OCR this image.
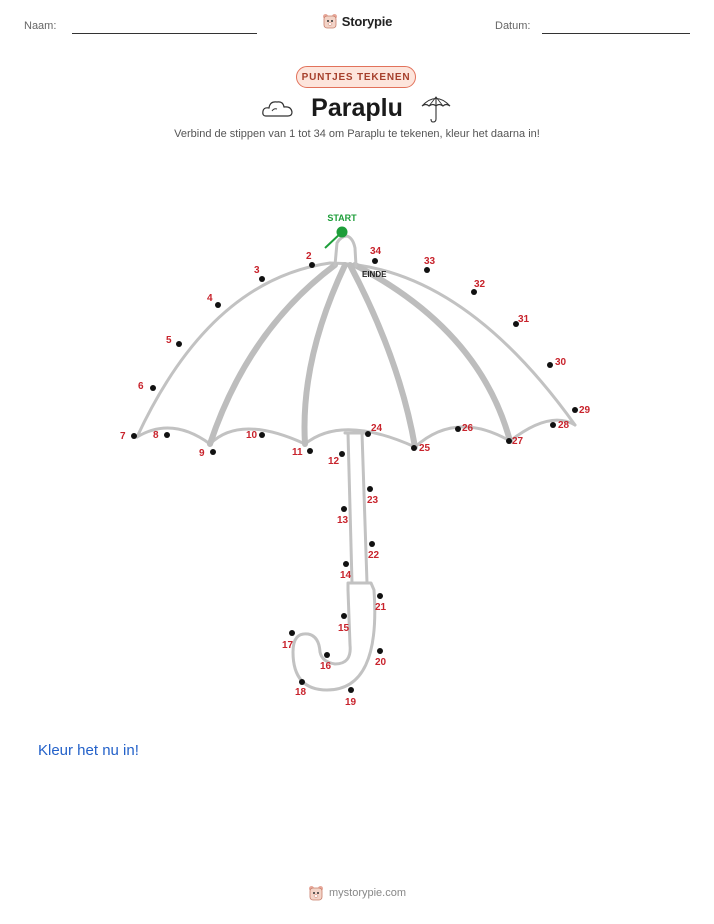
Naam:	Storypie	Datum:
PUNTJES TEKENEN
Paraplu
Verbind de stippen van 1 tot 34 om Paraplu te tekenen, kleur het daarna in!
START
EINDE
2
3
4
5
6
7	8
9
10
11
12
13
14
15
16
17
18
19
20
21
22
23
24
25
26
27
28
29
30
31
32
33
34
Kleur het nu in!
mystorypie.com
